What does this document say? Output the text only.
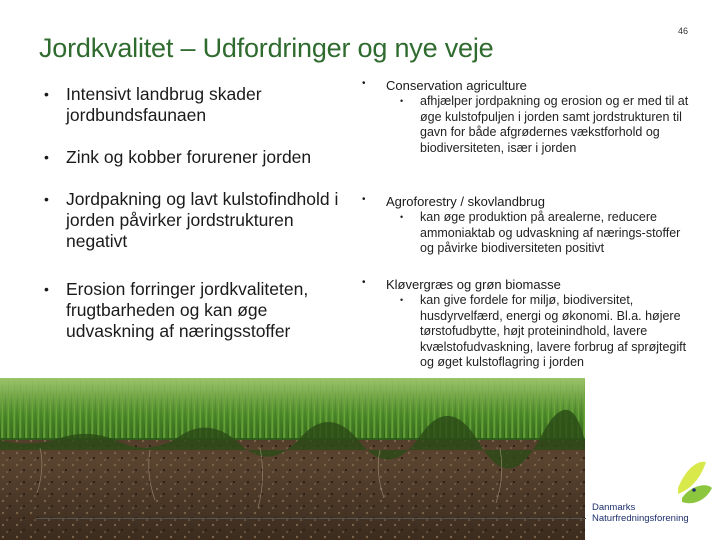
46
Jordkvalitet – Udfordringer og nye veje
• Intensivt landbrug skader jordbundsfaunaen
• Zink og kobber forurener jorden
• Jordpakning og lavt kulstofindhold i jorden påvirker jordstrukturen negativt
• Erosion forringer jordkvaliteten, frugtbarheden og kan øge udvaskning af næringsstoffer
• Conservation agriculture
• afhjælper jordpakning og erosion og er med til at øge kulstofpuljen i jorden samt jordstrukturen til gavn for både afgrødernes vækstforhold og biodiversiteten, især i jorden
• Agroforestry / skovlandbrug
• kan øge produktion på arealerne, reducere ammoniaktab og udvaskning af nærings-stoffer og påvirke biodiversiteten positivt
• Kløvergræs og grøn biomasse
• kan give fordele for miljø, biodiversitet, husdyrvelfærd, energi og økonomi. Bl.a. højere tørstofudbytte, højt proteinindhold, lavere kvælstofudvaskning, lavere forbrug af sprøjtegift og øget kulstoflagring i jorden
Danmarks
Naturfredningsforening
